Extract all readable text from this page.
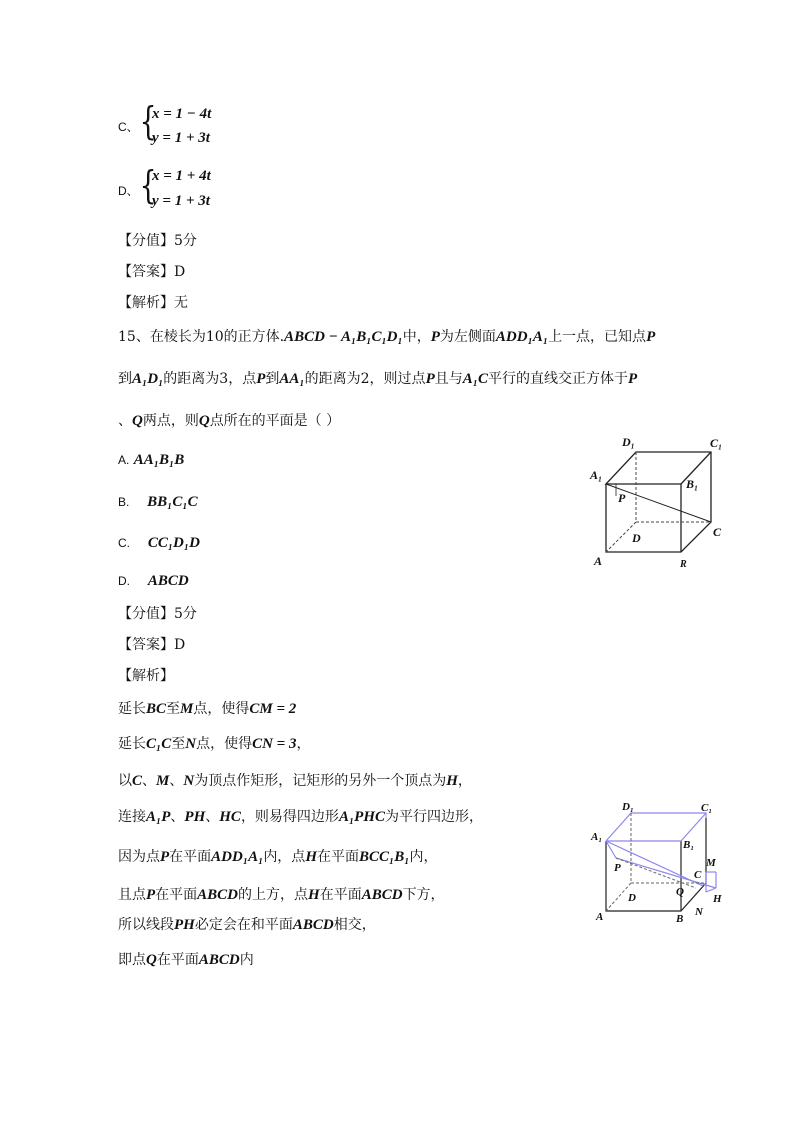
C、 {
x = 1 − 4t
y = 1 + 3t
D、 {
x = 1 + 4t
y = 1 + 3t
【分值】5分
【答案】D
【解析】无
15、在棱长为10的正方体.ABCD − A₁B₁C₁D₁中，P为左侧面ADD₁A₁上一点，已知点P
到A₁D₁的距离为3，点P到AA₁的距离为2，则过点P且与A₁C平行的直线交正方体于P
、Q两点，则Q点所在的平面是（ ）
A. AA₁B₁B
B. BB₁C₁C
C. CC₁D₁D
D. ABCD
【分值】5分
【答案】D
【解析】
延长BC至M点，使得CM = 2
延长C₁C至N点，使得CN = 3，
以C、M、N为顶点作矩形，记矩形的另外一个顶点为H，
连接A₁P、PH、HC，则易得四边形A₁PHC为平行四边形，
因为点P在平面ADD₁A₁内，点H在平面BCC₁B₁内，
且点P在平面ABCD的上方，点H在平面ABCD下方，
所以线段PH必定会在和平面ABCD相交，
即点Q在平面ABCD内
D₁	C₁
A₁
B₁
P
D	C
A	R
D₁	C₁
A₁
B₁
P
D
C
M
Q
H
A	B
N
